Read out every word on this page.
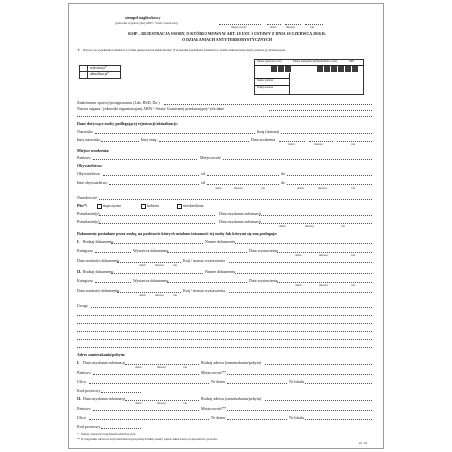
stempel nagłówkowy
(jednostki organizacyjnej ABW / Straży Granicznej)
miejscowość	dzień	miesiąc	rok
KSIP – REJESTRACJA OSOBY, O KTÓREJ MOWA W ART. 10 UST. 1 USTAWY Z DNIA 10 CZERWCA 2016 R.
O DZIAŁANIACH ANTYTERRORYSTYCZNYCH
① Dotyczy się wypełniania formularza w formie papierowej lub elektronicznej. W przypadku wypełniania formularza w formie elektronicznej należy podpisać go własnoręcznie.
rejestracja*
aktualizacja*
Numer rejestracji osoby	Numer identyfikacyjny Identyfikator osoby	NPD
Numer telefonu
Funkcjonariusz
Znak/numer sprawy/postępowania (Ldz. RSD, Dz.)
Nazwa organu / jednostki organizacyjnej ABW / Straży Granicznej przekazującej/-ych dane
Dane dotyczące osoby podlegającej rejestracji/aktualizacji:
Nazwisko	Imię (imiona)
Inny nazwisko	Inny imię	Data urodzenia
dzień	miesiąc	rok
Miejsce urodzenia:
Państwo	Miejscowość
Obywatelstwo:
Obywatelstwo	od	do
Inne obywatelstwo	od	do
dzień	miesiąc	rok	dzień	miesiąc	rok
Narodowość
Płeć*:	mężczyzna	kobieta	nieokreślona
Pseudonim(y)	Data uzyskania informacji
Pseudonim(y)	Data uzyskania informacji
dzień	miesiąc	rok
Dokumenty posiadane przez osobę, na podstawie których ustalono tożsamość tej osoby lub którymi się ona posługuje:
I. Rodzaj dokumentu	Numer dokumentu
Kategoria	Wystawca dokumentu	Data wystawienia
dzień	miesiąc	rok
Data ważności dokumentu	Kraj / miasto wystawienia
dzień	miesiąc	rok
II. Rodzaj dokumentu	Numer dokumentu
Kategoria	Wystawca dokumentu	Data wystawienia
dzień	miesiąc	rok
Data ważności dokumentu	Kraj / miasto wystawienia
dzień	miesiąc	rok
Uwagi
Adres zamieszkania/pobytu:
I. Data uzyskania informacji	Rodzaj adresu (zamieszkania/pobytu)
dzień	miesiąc	rok
Państwo	Miejscowość**
Ulica	Nr domu	Nr lokalu
Kod pocztowy
II. Data uzyskania informacji	Rodzaj adresu (zamieszkania/pobytu)
dzień	miesiąc	rok
Państwo	Miejscowość**
Ulica	Nr domu	Nr lokalu
Kod pocztowy
* - Należy zaznaczyć krzyżykiem właściwe pole.
** W przypadku adresu na terytorium Rzeczypospolitej Polskiej należy wpisać także nazwę województwa i powiatu.
str. 1/3
